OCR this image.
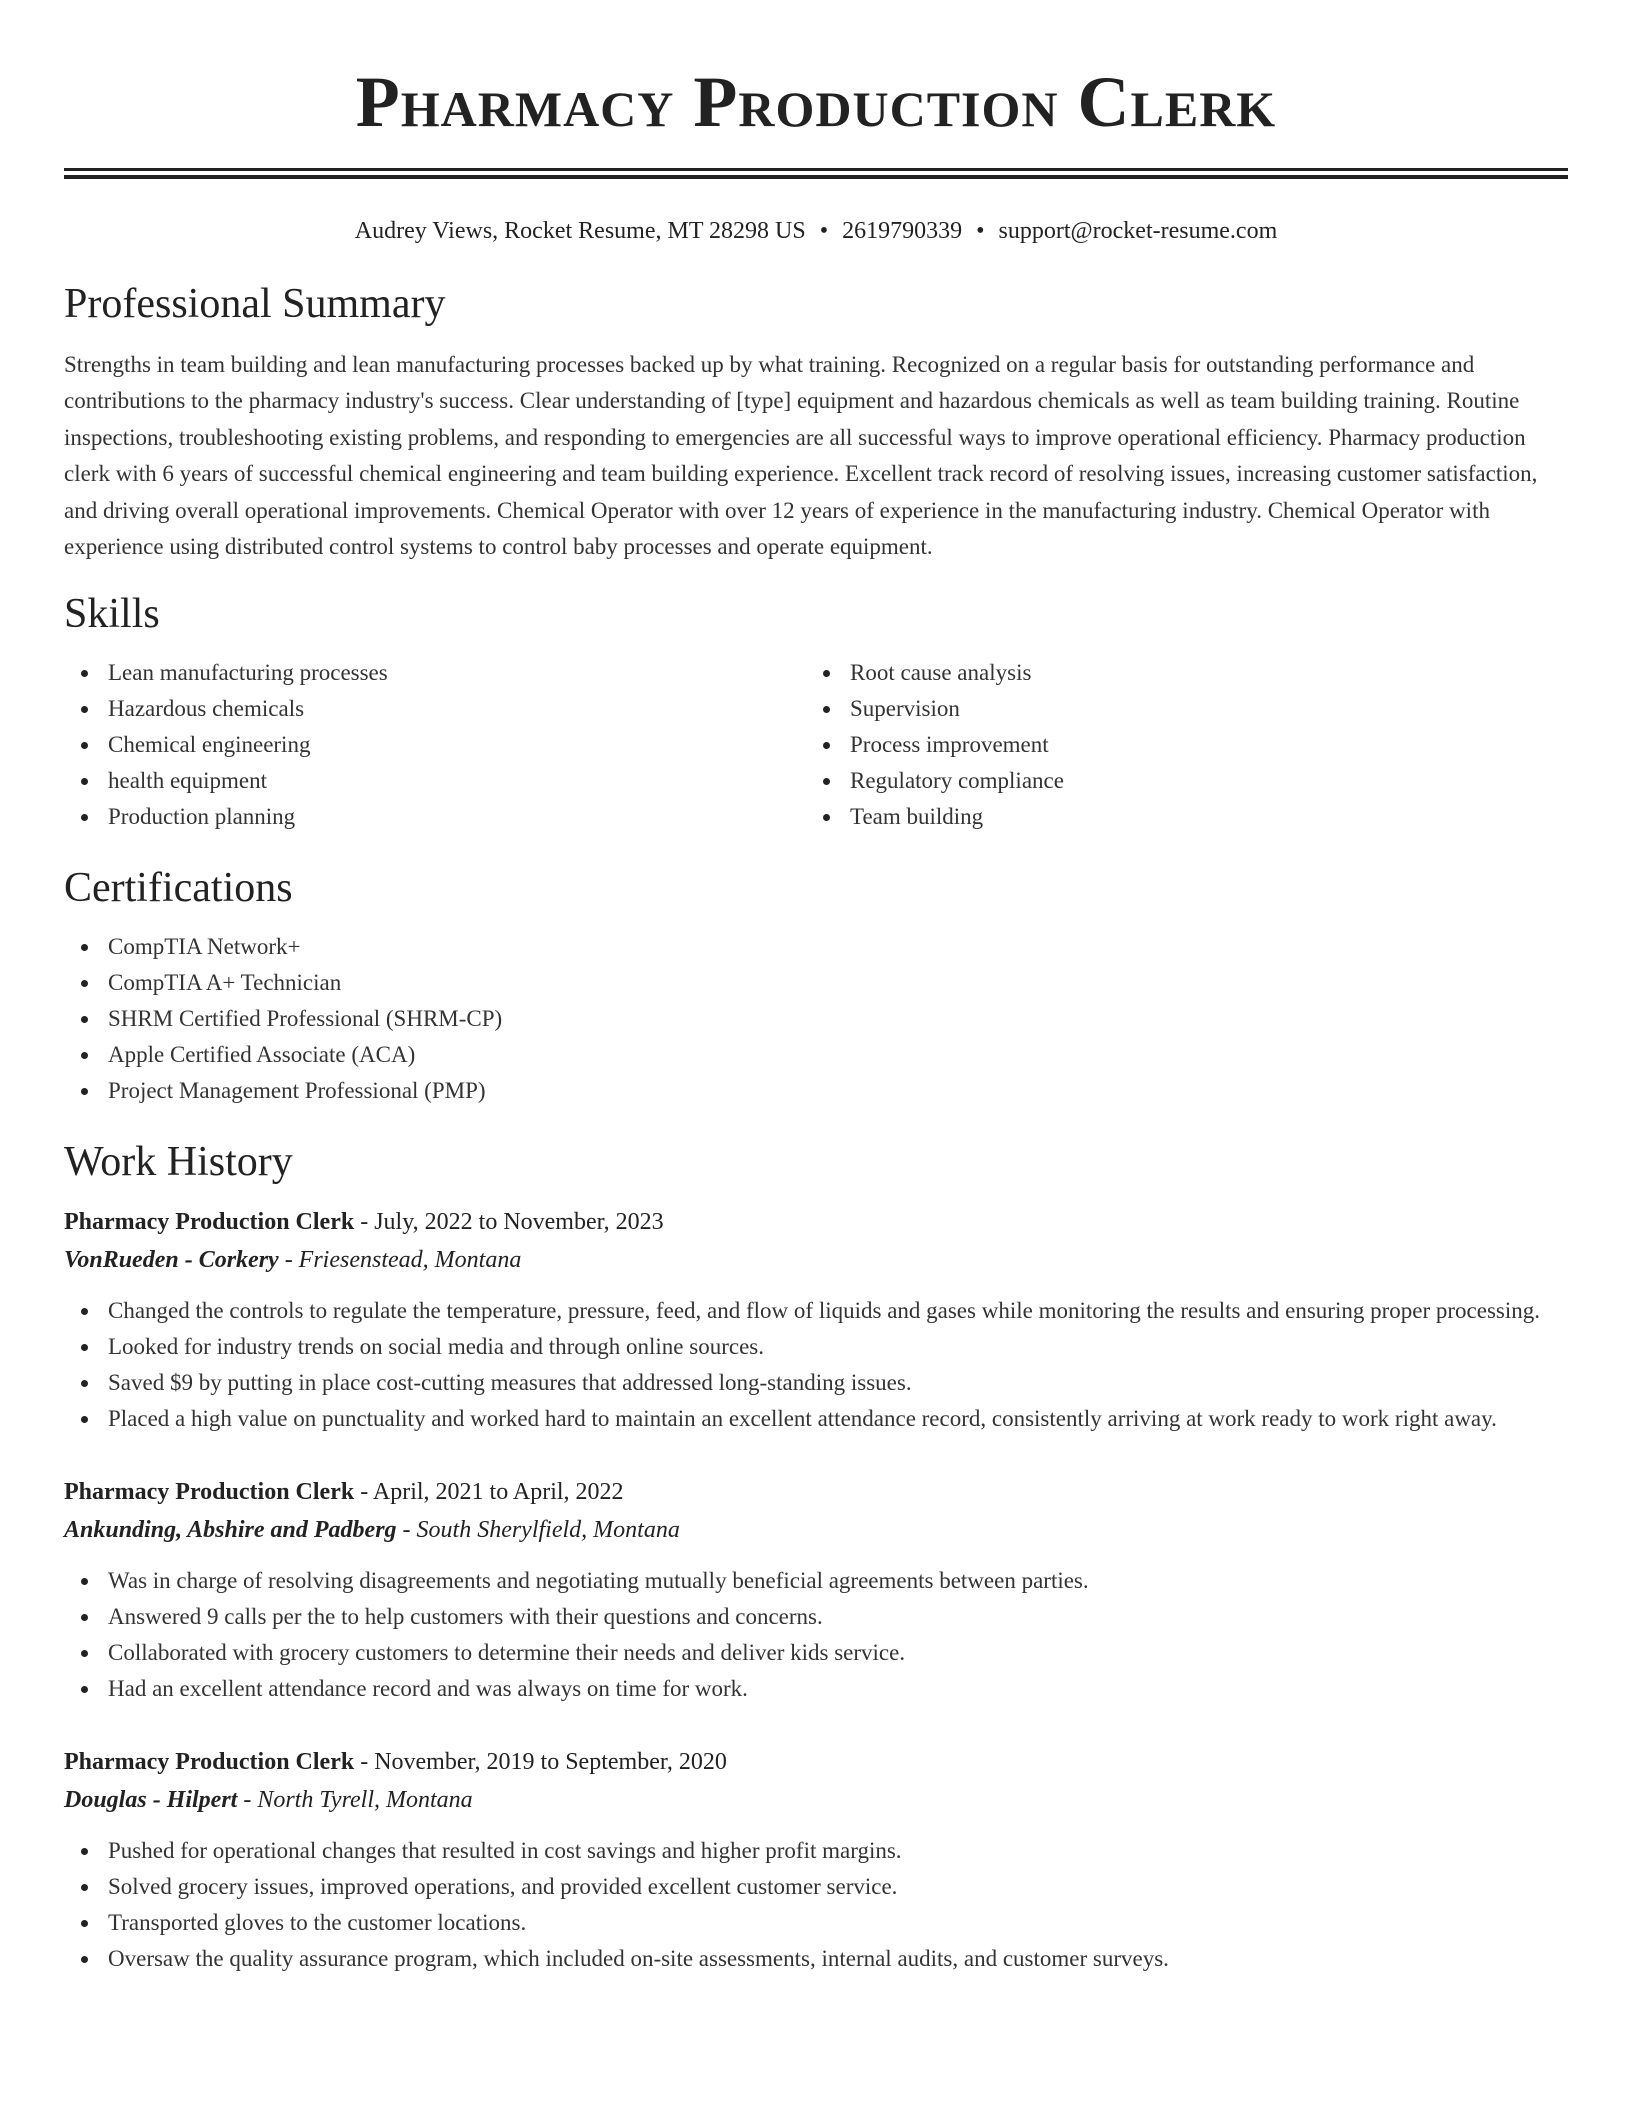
Pharmacy Production Clerk
Audrey Views, Rocket Resume, MT 28298 US • 2619790339 • support@rocket-resume.com
Professional Summary
Strengths in team building and lean manufacturing processes backed up by what training. Recognized on a regular basis for outstanding performance and contributions to the pharmacy industry's success. Clear understanding of [type] equipment and hazardous chemicals as well as team building training. Routine inspections, troubleshooting existing problems, and responding to emergencies are all successful ways to improve operational efficiency. Pharmacy production clerk with 6 years of successful chemical engineering and team building experience. Excellent track record of resolving issues, increasing customer satisfaction, and driving overall operational improvements. Chemical Operator with over 12 years of experience in the manufacturing industry. Chemical Operator with experience using distributed control systems to control baby processes and operate equipment.
Skills
Lean manufacturing processes
Hazardous chemicals
Chemical engineering
health equipment
Production planning
Root cause analysis
Supervision
Process improvement
Regulatory compliance
Team building
Certifications
CompTIA Network+
CompTIA A+ Technician
SHRM Certified Professional (SHRM-CP)
Apple Certified Associate (ACA)
Project Management Professional (PMP)
Work History
Pharmacy Production Clerk - July, 2022 to November, 2023
VonRueden - Corkery - Friesenstead, Montana
Changed the controls to regulate the temperature, pressure, feed, and flow of liquids and gases while monitoring the results and ensuring proper processing.
Looked for industry trends on social media and through online sources.
Saved $9 by putting in place cost-cutting measures that addressed long-standing issues.
Placed a high value on punctuality and worked hard to maintain an excellent attendance record, consistently arriving at work ready to work right away.
Pharmacy Production Clerk - April, 2021 to April, 2022
Ankunding, Abshire and Padberg - South Sherylfield, Montana
Was in charge of resolving disagreements and negotiating mutually beneficial agreements between parties.
Answered 9 calls per the to help customers with their questions and concerns.
Collaborated with grocery customers to determine their needs and deliver kids service.
Had an excellent attendance record and was always on time for work.
Pharmacy Production Clerk - November, 2019 to September, 2020
Douglas - Hilpert - North Tyrell, Montana
Pushed for operational changes that resulted in cost savings and higher profit margins.
Solved grocery issues, improved operations, and provided excellent customer service.
Transported gloves to the customer locations.
Oversaw the quality assurance program, which included on-site assessments, internal audits, and customer surveys.
